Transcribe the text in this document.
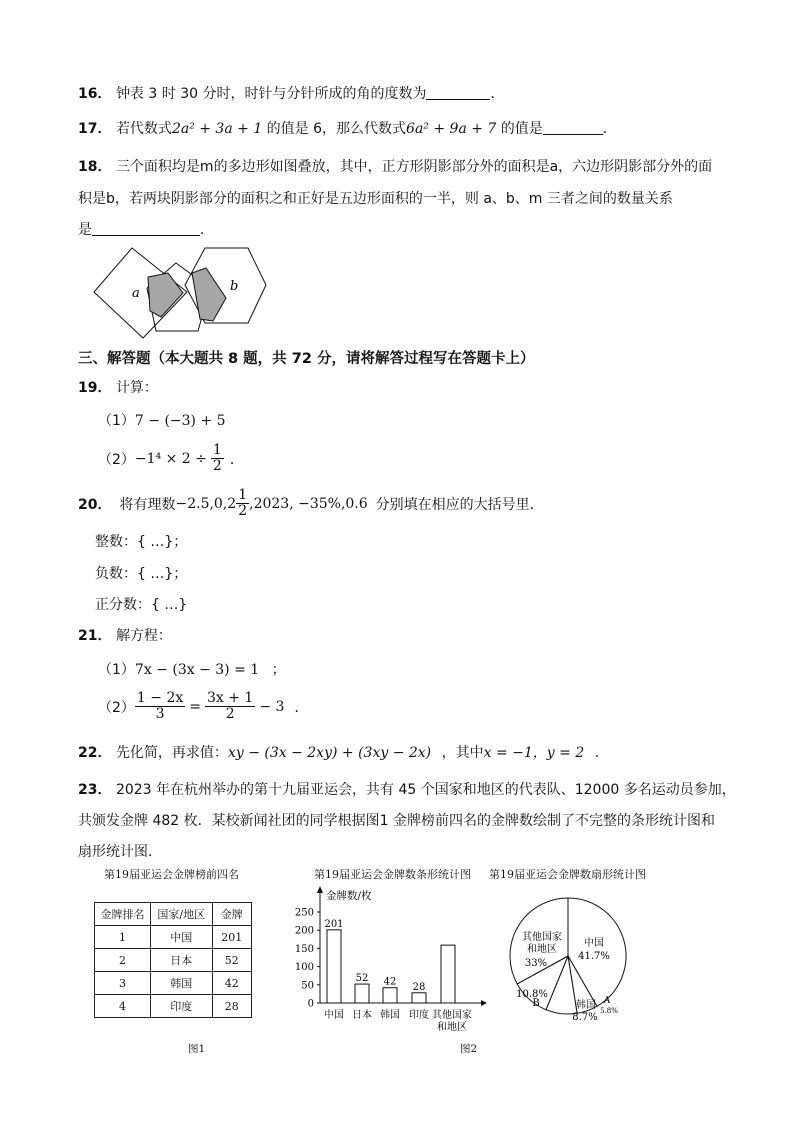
16． 钟表 3 时 30 分时，时针与分针所成的角的度数为	．
17． 若代数式2a² + 3a + 1 的值是 6，那么代数式6a² + 9a + 7 的值是	．
18． 三个面积均是m的多边形如图叠放，其中，正方形阴影部分外的面积是a，六边形阴影部分外的面
积是b，若两块阴影部分的面积之和正好是五边形面积的一半，则 a、b、m 三者之间的数量关系
是	．
a	b
三、解答题（本大题共 8 题，共 72 分，请将解答过程写在答题卡上）
19． 计算：
（1）7 − (−3) + 5
$(2) -1^4 \times 2 \div \frac{1}{2}$ ．
20． 将有理数 $-2.5,0,2 \frac{1}{2} ,2023$, −35%,0.6 分别填在相应的大括号里．
整数：{ …}；
负数：{ …}；
正分数：{ …}
21． 解方程：
（1）7x − (3x − 3) = 1 ；
$(2) \frac{1 - 2x}{3} = \frac{3x + 1}{2} - 3$ ．
22． 先化简，再求值：xy − (3x − 2xy) + (3xy − 2x) ，其中x = −1，y = 2 ．
23． 2023 年在杭州举办的第十九届亚运会，共有 45 个国家和地区的代表队、12000 多名运动员参加，
共颁发金牌 482 枚．某校新闻社团的同学根据图1 金牌榜前四名的金牌数绘制了不完整的条形统计图和
扇形统计图．
第19届亚运会金牌榜前四名
金牌排名	国家/地区	金牌
1	中国	201
2	日本	52
3	韩国	42
4	印度	28
图1
第19届亚运会金牌数条形统计图
金牌数/枚
0
50
100
150
200
250
201
中国
52
日本
42
韩国
28
印度 其他国家
和地区
图2
第19届亚运会金牌数扇形统计图
中国
41.7%
A
5.8%
韩国
8.7%
B
10.8%
其他国家
和地区
33%
